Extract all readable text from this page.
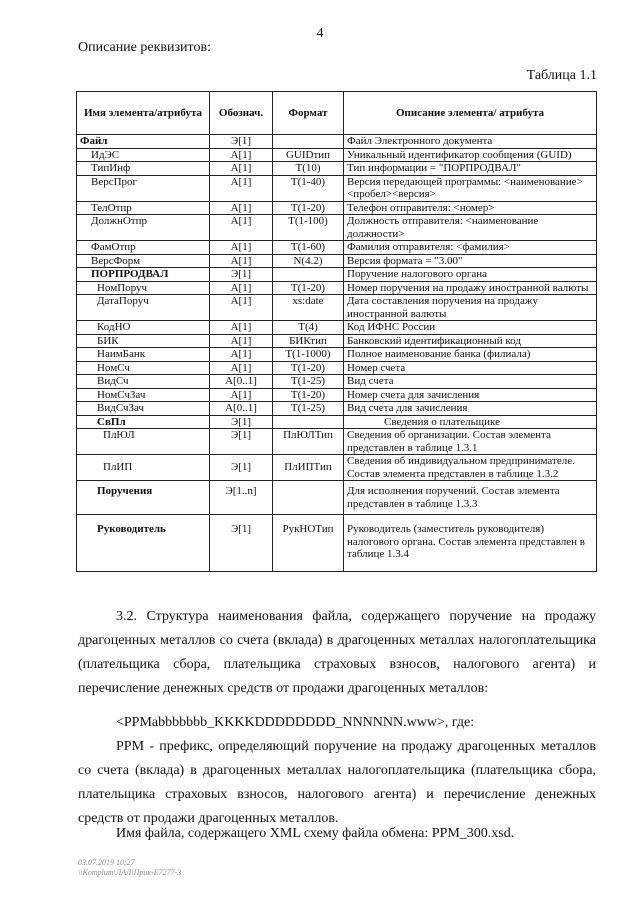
4
Описание реквизитов:
Таблица 1.1
Имя элемента/атрибута	Обознач.	Формат	Описание элемента/ атрибута
Файл	Э[1]		Файл Электронного документа
ИдЭС	А[1]	GUIDтип	Уникальный идентификатор сообщения (GUID)
ТипИнф	А[1]	Т(10)	Тип информации = "ПОРПРОДВАЛ"
ВерсПрог	А[1]	Т(1-40)	Версия передающей программы: <наименование><пробел><версия>
ТелОтпр	А[1]	Т(1-20)	Телефон отправителя: <номер>
ДолжнОтпр	А[1]	Т(1-100)	Должность отправителя: <наименование должности>
ФамОтпр	А[1]	Т(1-60)	Фамилия отправителя: <фамилия>
ВерсФорм	А[1]	N(4.2)	Версия формата = "3.00"
ПОРПРОДВАЛ	Э[1]		Поручение налогового органа
НомПоруч	А[1]	Т(1-20)	Номер поручения на продажу иностранной валюты
ДатаПоруч	А[1]	xs:date	Дата составления поручения на продажу иностранной валюты
КодНО	А[1]	Т(4)	Код ИФНС России
БИК	А[1]	БИКтип	Банковский идентификационный код
НаимБанк	А[1]	Т(1-1000)	Полное наименование банка (филиала)
НомСч	А[1]	Т(1-20)	Номер счета
ВидСч	А[0..1]	Т(1-25)	Вид счета
НомСчЗач	А[1]	Т(1-20)	Номер счета для зачисления
ВидСчЗач	А[0..1]	Т(1-25)	Вид счета для зачисления
СвПл	Э[1]		Сведения о плательщике
ПлЮЛ	Э[1]	ПлЮЛТип	Сведения об организации. Состав элемента представлен в таблице 1.3.1
ПлИП	Э[1]	ПлИПТип	Сведения об индивидуальном предпринимателе. Состав элемента представлен в таблице 1.3.2
Поручения	Э[1..n]		Для исполнения поручений. Состав элемента представлен в таблице 1.3.3
Руководитель	Э[1]	РукНОТип	Руководитель (заместитель руководителя) налогового органа. Состав элемента представлен в таблице 1.3.4
3.2. Структура наименования файла, содержащего поручение на продажу драгоценных металлов со счета (вклада) в драгоценных металлах налогоплательщика (плательщика сбора, плательщика страховых взносов, налогового агента) и перечисление денежных средств от продажи драгоценных металлов:
<PPMabbbbbbb_KKKKDDDDDDDD_NNNNNN.www>, где:
PPM - префикс, определяющий поручение на продажу драгоценных металлов со счета (вклада) в драгоценных металлах налогоплательщика (плательщика сбора, плательщика страховых взносов, налогового агента) и перечисление денежных средств от продажи драгоценных металлов.
Имя файла, содержащего XML схему файла обмена: PPM_300.xsd.
03.07.2019 10:27
\\Komplum\ЛАЛ\Прик-Е7277-3
